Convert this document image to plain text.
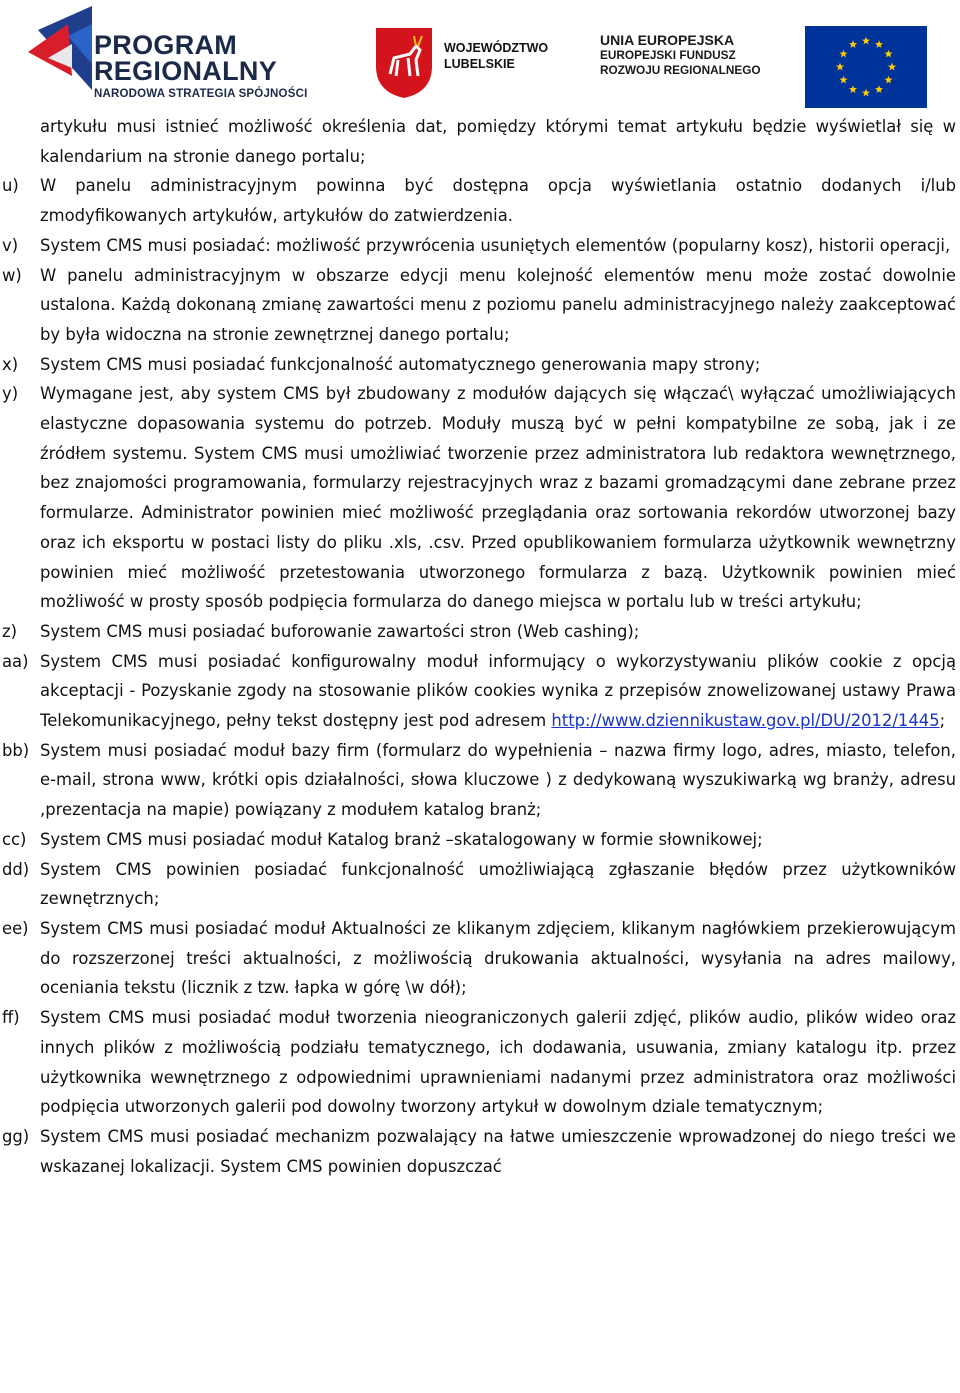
PROGRAM
REGIONALNY
NARODOWA STRATEGIA SPÓJNOŚCI
WOJEWÓDZTWO
LUBELSKIE
UNIA EUROPEJSKA
EUROPEJSKI FUNDUSZ
ROZWOJU REGIONALNEGO
artykułu musi istnieć możliwość określenia dat, pomiędzy którymi temat artykułu będzie wyświetlał się w kalendarium na stronie danego portalu;
u) W panelu administracyjnym powinna być dostępna opcja wyświetlania ostatnio dodanych i/lub zmodyfikowanych artykułów, artykułów do zatwierdzenia.
v) System CMS musi posiadać: możliwość przywrócenia usuniętych elementów (popularny kosz), historii operacji,
w) W panelu administracyjnym w obszarze edycji menu kolejność elementów menu może zostać dowolnie ustalona. Każdą dokonaną zmianę zawartości menu z poziomu panelu administracyjnego należy zaakceptować by była widoczna na stronie zewnętrznej danego portalu;
x) System CMS musi posiadać funkcjonalność automatycznego generowania mapy strony;
y) Wymagane jest, aby system CMS był zbudowany z modułów dających się włączać\ wyłączać umożliwiających elastyczne dopasowania systemu do potrzeb. Moduły muszą być w pełni kompatybilne ze sobą, jak i ze źródłem systemu. System CMS musi umożliwiać tworzenie przez administratora lub redaktora wewnętrznego, bez znajomości programowania, formularzy rejestracyjnych wraz z bazami gromadzącymi dane zebrane przez formularze. Administrator powinien mieć możliwość przeglądania oraz sortowania rekordów utworzonej bazy oraz ich eksportu w postaci listy do pliku .xls, .csv. Przed opublikowaniem formularza użytkownik wewnętrzny powinien mieć możliwość przetestowania utworzonego formularza z bazą. Użytkownik powinien mieć możliwość w prosty sposób podpięcia formularza do danego miejsca w portalu lub w treści artykułu;
z) System CMS musi posiadać buforowanie zawartości stron (Web cashing);
aa) System CMS musi posiadać konfigurowalny moduł informujący o wykorzystywaniu plików cookie z opcją akceptacji - Pozyskanie zgody na stosowanie plików cookies wynika z przepisów znowelizowanej ustawy Prawa Telekomunikacyjnego, pełny tekst dostępny jest pod adresem http://www.dziennikustaw.gov.pl/DU/2012/1445;
bb) System musi posiadać moduł bazy firm (formularz do wypełnienia – nazwa firmy logo, adres, miasto, telefon, e-mail, strona www, krótki opis działalności, słowa kluczowe ) z dedykowaną wyszukiwarką wg branży, adresu ,prezentacja na mapie) powiązany z modułem katalog branż;
cc) System CMS musi posiadać moduł Katalog branż –skatalogowany w formie słownikowej;
dd) System CMS powinien posiadać funkcjonalność umożliwiającą zgłaszanie błędów przez użytkowników zewnętrznych;
ee) System CMS musi posiadać moduł Aktualności ze klikanym zdjęciem, klikanym nagłówkiem przekierowującym do rozszerzonej treści aktualności, z możliwością drukowania aktualności, wysyłania na adres mailowy, oceniania tekstu (licznik z tzw. łapka w górę \w dół);
ff) System CMS musi posiadać moduł tworzenia nieograniczonych galerii zdjęć, plików audio, plików wideo oraz innych plików z możliwością podziału tematycznego, ich dodawania, usuwania, zmiany katalogu itp. przez użytkownika wewnętrznego z odpowiednimi uprawnieniami nadanymi przez administratora oraz możliwości podpięcia utworzonych galerii pod dowolny tworzony artykuł w dowolnym dziale tematycznym;
gg) System CMS musi posiadać mechanizm pozwalający na łatwe umieszczenie wprowadzonej do niego treści we wskazanej lokalizacji. System CMS powinien dopuszczać
